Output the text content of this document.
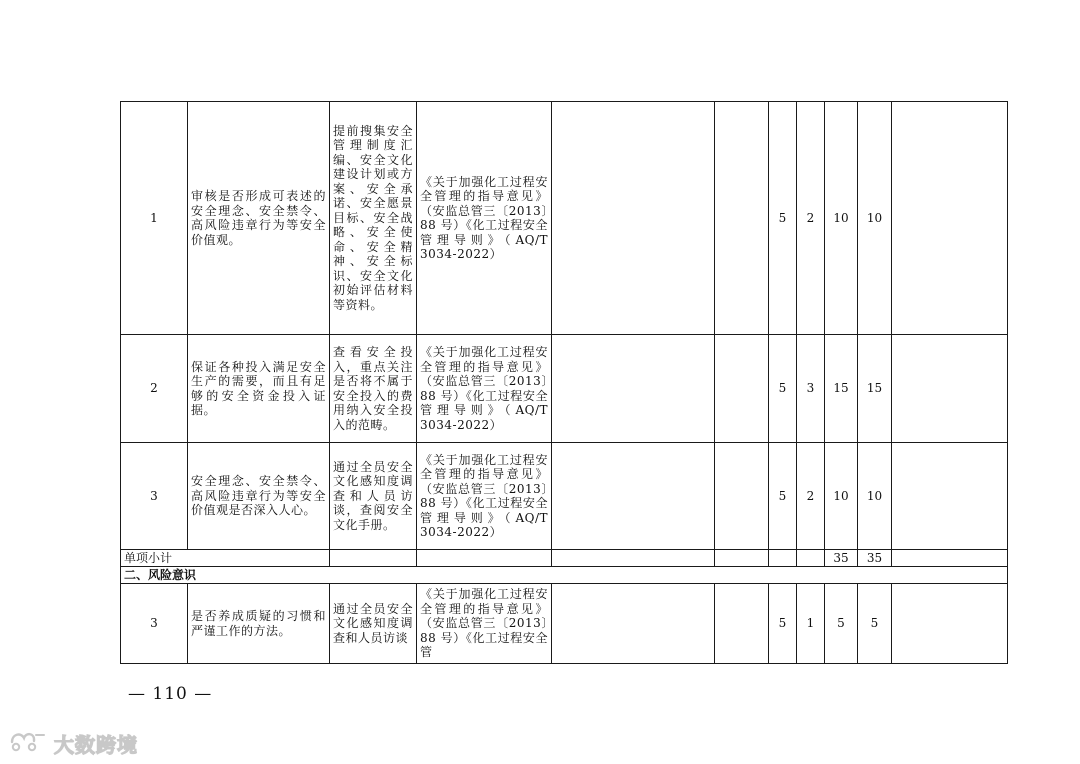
1	审核是否形成可表述的安全理念、安全禁令、高风险违章行为等安全价值观。	提前搜集安全管理制度汇编、安全文化建设计划或方案、安全承诺、安全愿景目标、安全战略、安全使命、安全精神、安全标识、安全文化初始评估材料等资料。	《关于加强化工过程安全管理的指导意见》（安监总管三〔2013〕88 号）《化工过程安全管理导则》（AQ/T 3034-2022）			5	2	10	10	
2	保证各种投入满足安全生产的需要，而且有足够的安全资金投入证据。	查看安全投入，重点关注是否将不属于安全投入的费用纳入安全投入的范畴。	《关于加强化工过程安全管理的指导意见》（安监总管三〔2013〕88 号）《化工过程安全管理导则》（AQ/T 3034-2022）			5	3	15	15	
3	安全理念、安全禁令、高风险违章行为等安全价值观是否深入人心。	通过全员安全文化感知度调查和人员访谈，查阅安全文化手册。	《关于加强化工过程安全管理的指导意见》（安监总管三〔2013〕88 号）《化工过程安全管理导则》（AQ/T 3034-2022）			5	2	10	10	
单项小计								35	35	
二、风险意识										
3	是否养成质疑的习惯和严谨工作的方法。	通过全员安全文化感知度调查和人员访谈	《关于加强化工过程安全管理的指导意见》（安监总管三〔2013〕88 号）《化工过程安全管			5	1	5	5	
— 110 —
大数跨境
